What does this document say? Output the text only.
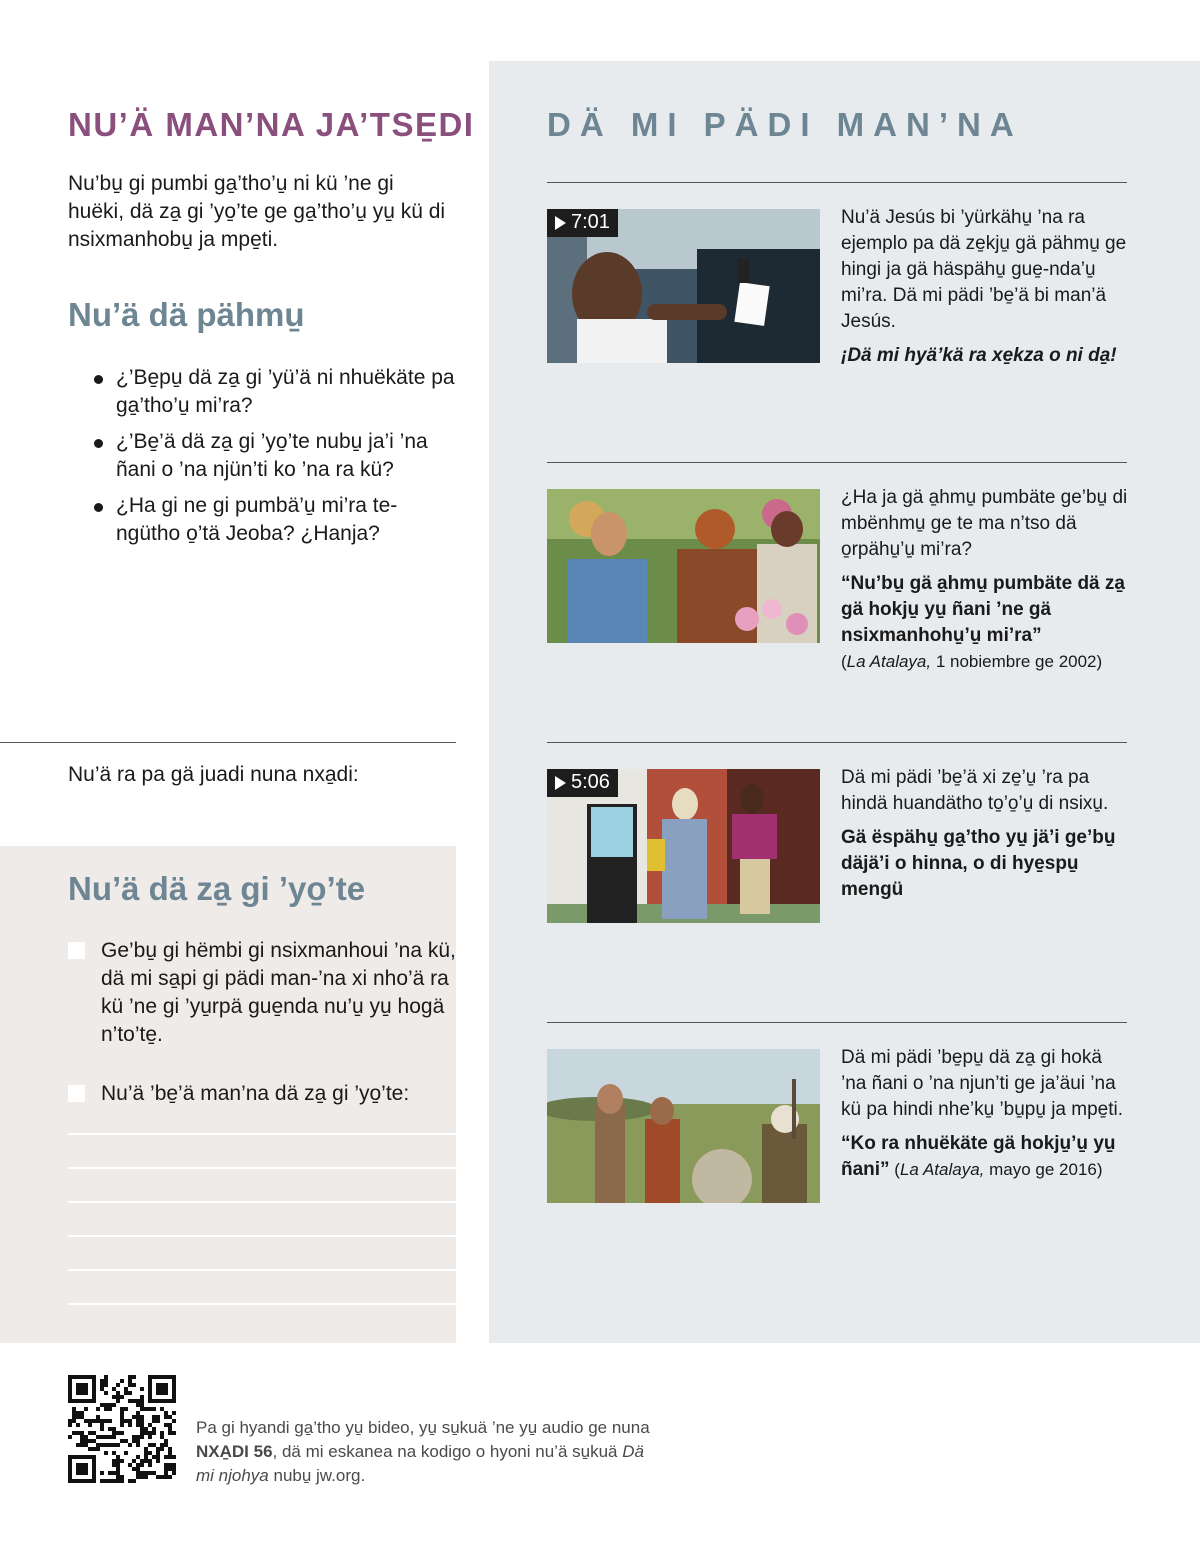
NU’Ä MAN’NA JA’TSE̱DI
Nu’bu̱ gi pumbi ga̱’tho’u̱ ni kü ’ne gi huëki, dä za̱ gi ’yo̱’te ge ga̱’tho’u̱ yu̱ kü di nsixmanhobu̱ ja mpe̱ti.
Nu’ä dä pähmu̱
¿’Be̱pu̱ dä za̱ gi ’yü’ä ni nhuëkäte pa ga̱’tho’u̱ mi’ra?
¿’Be̱’ä dä za̱ gi ’yo̱’te nubu̱ ja’i ’na ñani o ’na njün’ti ko ’na ra kü?
¿Ha gi ne gi pumbä’u̱ mi’ra te-ngütho o̱’tä Jeoba? ¿Hanja?
Nu’ä ra pa gä juadi nuna nxa̱di:
Nu’ä dä za̱ gi ’yo̱’te
Ge’bu̱ gi hëmbi gi nsixmanhoui ’na kü, dä mi sa̱pi gi pädi man-’na xi nho’ä ra kü ’ne gi ’yu̱rpä gue̱nda nu’u̱ yu̱ hogä n’to’te̱.
Nu’ä ’be̱’ä man’na dä za̱ gi ’yo̱’te:
DÄ MI PÄDI MAN’NA
7:01	Nu’ä Jesús bi ’yürkähu̱ ’na ra ejemplo pa dä ze̱kju̱ gä pähmu̱ ge hingi ja gä häspähu̱ gue̱-nda’u̱ mi’ra. Dä mi pädi ’be̱’ä bi man’ä Jesús.

¡Dä mi hyä’kä ra xe̱kza o ni da̱!

¿Ha ja gä a̱hmu̱ pumbäte ge’bu̱ di mbënhmu̱ ge te ma n’tso dä o̱rpähu̱’u̱ mi’ra?

“Nu’bu̱ gä a̱hmu̱ pumbäte dä za̱ gä hokju̱ yu̱ ñani ’ne gä nsixmanhohu̱’u̱ mi’ra”
(La Atalaya, 1 nobiembre ge 2002)

5:06	Dä mi pädi ’be̱’ä xi ze̱’u̱ ’ra pa hindä huandätho to̱’o̱’u̱ di nsixu̱.

Gä ëspähu̱ ga̱’tho yu̱ jä’i ge’bu̱ däjä’i o hinna, o di hye̱spu̱ mengü

Dä mi pädi ’be̱pu̱ dä za̱ gi hokä ’na ñani o ’na njun’ti ge ja’äui ’na kü pa hindi nhe’ku̱ ’bu̱pu̱ ja mpe̱ti.

“Ko ra nhuëkäte gä hokju̱’u̱ yu̱ ñani” (La Atalaya, mayo ge 2016)

Pa gi hyandi ga̱’tho yu̱ bideo, yu̱ su̱kuä ’ne yu̱ audio ge nuna NXA̱DI 56, dä mi eskanea na kodigo o hyoni nu’ä su̱kuä Dä mi njohya nubu̱ jw.org.
